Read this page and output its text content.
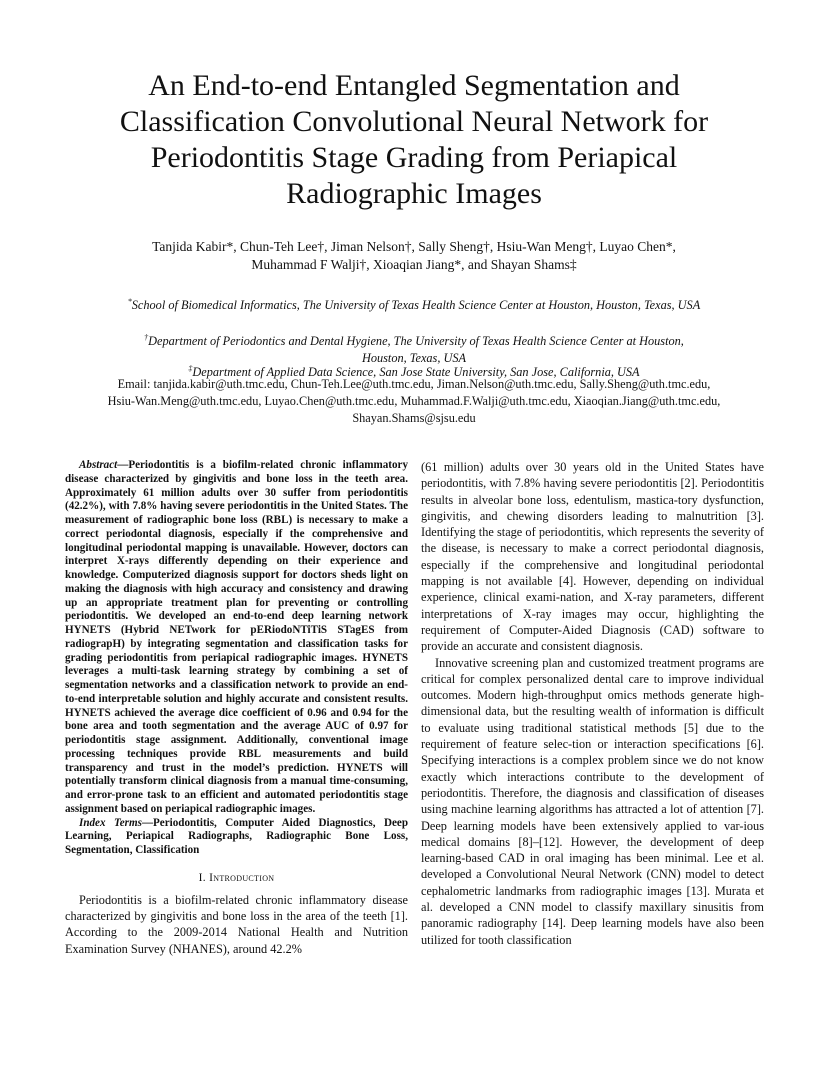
An End-to-end Entangled Segmentation and
Classification Convolutional Neural Network for
Periodontitis Stage Grading from Periapical
Radiographic Images
Tanjida Kabir*, Chun-Teh Lee†, Jiman Nelson†, Sally Sheng†, Hsiu-Wan Meng†, Luyao Chen*,
Muhammad F Walji†, Xioaqian Jiang*, and Shayan Shams‡
*School of Biomedical Informatics, The University of Texas Health Science Center at Houston, Houston, Texas, USA
†Department of Periodontics and Dental Hygiene, The University of Texas Health Science Center at Houston,
Houston, Texas, USA
‡Department of Applied Data Science, San Jose State University, San Jose, California, USA
Email: tanjida.kabir@uth.tmc.edu, Chun-Teh.Lee@uth.tmc.edu, Jiman.Nelson@uth.tmc.edu, Sally.Sheng@uth.tmc.edu,
Hsiu-Wan.Meng@uth.tmc.edu, Luyao.Chen@uth.tmc.edu, Muhammad.F.Walji@uth.tmc.edu, Xiaoqian.Jiang@uth.tmc.edu,
Shayan.Shams@sjsu.edu

Abstract—Periodontitis is a biofilm-related chronic inflammatory disease characterized by gingivitis and bone loss in the teeth area. Approximately 61 million adults over 30 suffer from periodontitis (42.2%), with 7.8% having severe periodontitis in the United States. The measurement of radiographic bone loss (RBL) is necessary to make a correct periodontal diagnosis, especially if the comprehensive and longitudinal periodontal mapping is unavailable. However, doctors can interpret X-rays differently depending on their experience and knowledge. Computerized diagnosis support for doctors sheds light on making the diagnosis with high accuracy and consistency and drawing up an appropriate treatment plan for preventing or controlling periodontitis. We developed an end-to-end deep learning network HYNETS (Hybrid NETwork for pERiodoNTiTiS STagES from radiograpH) by integrating segmentation and classification tasks for grading periodontitis from periapical radiographic images. HYNETS leverages a multi-task learning strategy by combining a set of segmentation networks and a classification network to provide an end-to-end interpretable solution and highly accurate and consistent results. HYNETS achieved the average dice coefficient of 0.96 and 0.94 for the bone area and tooth segmentation and the average AUC of 0.97 for periodontitis stage assignment. Additionally, conventional image processing techniques provide RBL measurements and build transparency and trust in the model’s prediction. HYNETS will potentially transform clinical diagnosis from a manual time-consuming, and error-prone task to an efficient and automated periodontitis stage assignment based on periapical radiographic images.

Index Terms—Periodontitis, Computer Aided Diagnostics, Deep Learning, Periapical Radiographs, Radiographic Bone Loss, Segmentation, Classification

I. Introduction

Periodontitis is a biofilm-related chronic inflammatory disease characterized by gingivitis and bone loss in the area of the teeth [1]. According to the 2009-2014 National Health and Nutrition Examination Survey (NHANES), around 42.2%

(61 million) adults over 30 years old in the United States have periodontitis, with 7.8% having severe periodontitis [2]. Periodontitis results in alveolar bone loss, edentulism, mastica-tory dysfunction, gingivitis, and chewing disorders leading to malnutrition [3]. Identifying the stage of periodontitis, which represents the severity of the disease, is necessary to make a correct periodontal diagnosis, especially if the comprehensive and longitudinal periodontal mapping is not available [4]. However, depending on individual experience, clinical exami-nation, and X-ray parameters, different interpretations of X-ray images may occur, highlighting the requirement of Computer-Aided Diagnosis (CAD) software to provide an accurate and consistent diagnosis.

Innovative screening plan and customized treatment programs are critical for complex personalized dental care to improve individual outcomes. Modern high-throughput omics methods generate high-dimensional data, but the resulting wealth of information is difficult to evaluate using traditional statistical methods [5] due to the requirement of feature selec-tion or interaction specifications [6]. Specifying interactions is a complex problem since we do not know exactly which interactions contribute to the development of periodontitis. Therefore, the diagnosis and classification of diseases using machine learning algorithms has attracted a lot of attention [7]. Deep learning models have been extensively applied to var-ious medical domains [8]–[12]. However, the development of deep learning-based CAD in oral imaging has been minimal. Lee et al. developed a Convolutional Neural Network (CNN) model to detect cephalometric landmarks from radiographic images [13]. Murata et al. developed a CNN model to classify maxillary sinusitis from panoramic radiography [14]. Deep learning models have also been utilized for tooth classification
